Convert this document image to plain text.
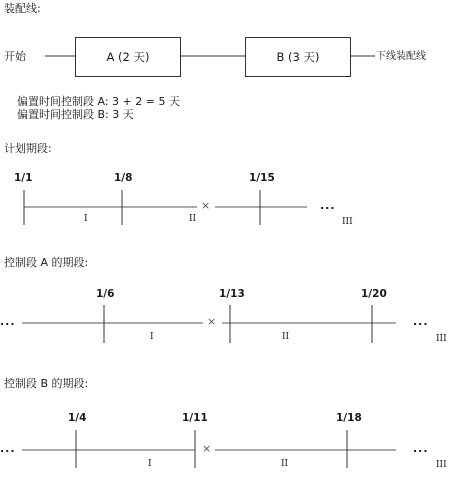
装配线:
开始	A (2 天)	B (3 天)	下线装配线
偏置时间控制段 A: 3 + 2 = 5 天
偏置时间控制段 B: 3 天
计划期段:
1/1	1/8	1/15
×	...
I	II	III
控制段 A 的期段:
1/6	1/13	1/20
...	×	...
I	II	III
控制段 B 的期段:
1/4	1/11	1/18
...	×	...
I	II	III
